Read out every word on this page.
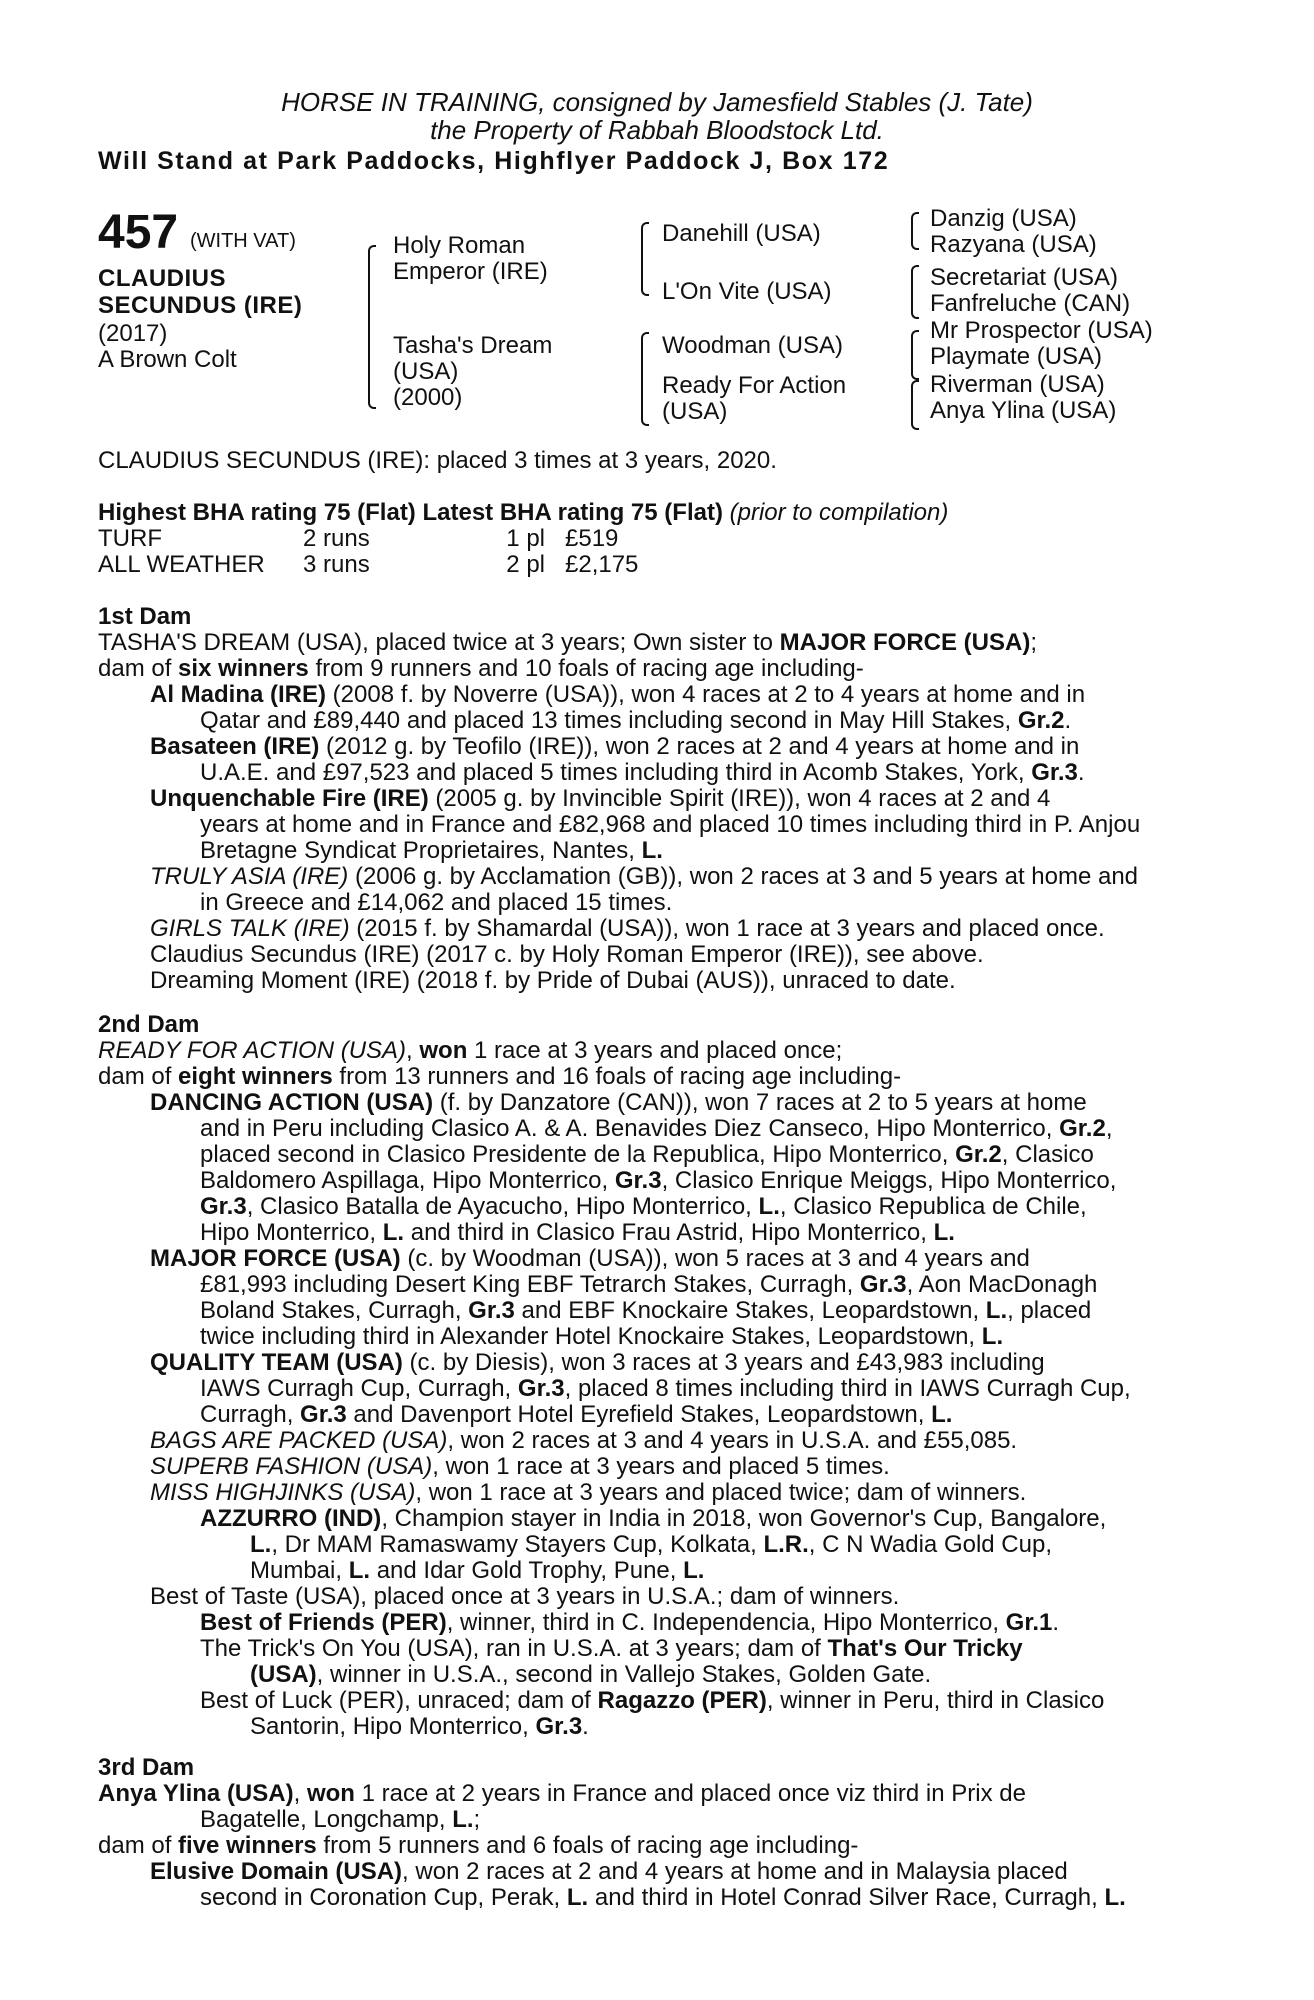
HORSE IN TRAINING, consigned by Jamesfield Stables (J. Tate)
the Property of Rabbah Bloodstock Ltd.
Will Stand at Park Paddocks, Highflyer Paddock J, Box 172
457 (WITH VAT)
CLAUDIUS
SECUNDUS (IRE)
(2017)
A Brown Colt
Holy Roman
Emperor (IRE)
Tasha's Dream
(USA)
(2000)
Danehill (USA)
L'On Vite (USA)
Woodman (USA)
Ready For Action
(USA)
Danzig (USA)
Razyana (USA)
Secretariat (USA)
Fanfreluche (CAN)
Mr Prospector (USA)
Playmate (USA)
Riverman (USA)
Anya Ylina (USA)
CLAUDIUS SECUNDUS (IRE): placed 3 times at 3 years, 2020.
Highest BHA rating 75 (Flat) Latest BHA rating 75 (Flat) (prior to compilation)
TURF	2 runs	1 pl	£519
ALL WEATHER	3 runs	2 pl	£2,175
1st Dam
TASHA'S DREAM (USA), placed twice at 3 years; Own sister to MAJOR FORCE (USA);
dam of six winners from 9 runners and 10 foals of racing age including-
Al Madina (IRE) (2008 f. by Noverre (USA)), won 4 races at 2 to 4 years at home and in
Qatar and £89,440 and placed 13 times including second in May Hill Stakes, Gr.2.
Basateen (IRE) (2012 g. by Teofilo (IRE)), won 2 races at 2 and 4 years at home and in
U.A.E. and £97,523 and placed 5 times including third in Acomb Stakes, York, Gr.3.
Unquenchable Fire (IRE) (2005 g. by Invincible Spirit (IRE)), won 4 races at 2 and 4
years at home and in France and £82,968 and placed 10 times including third in P. Anjou
Bretagne Syndicat Proprietaires, Nantes, L.
TRULY ASIA (IRE) (2006 g. by Acclamation (GB)), won 2 races at 3 and 5 years at home and
in Greece and £14,062 and placed 15 times.
GIRLS TALK (IRE) (2015 f. by Shamardal (USA)), won 1 race at 3 years and placed once.
Claudius Secundus (IRE) (2017 c. by Holy Roman Emperor (IRE)), see above.
Dreaming Moment (IRE) (2018 f. by Pride of Dubai (AUS)), unraced to date.
2nd Dam
READY FOR ACTION (USA), won 1 race at 3 years and placed once;
dam of eight winners from 13 runners and 16 foals of racing age including-
DANCING ACTION (USA) (f. by Danzatore (CAN)), won 7 races at 2 to 5 years at home
and in Peru including Clasico A. & A. Benavides Diez Canseco, Hipo Monterrico, Gr.2,
placed second in Clasico Presidente de la Republica, Hipo Monterrico, Gr.2, Clasico
Baldomero Aspillaga, Hipo Monterrico, Gr.3, Clasico Enrique Meiggs, Hipo Monterrico,
Gr.3, Clasico Batalla de Ayacucho, Hipo Monterrico, L., Clasico Republica de Chile,
Hipo Monterrico, L. and third in Clasico Frau Astrid, Hipo Monterrico, L.
MAJOR FORCE (USA) (c. by Woodman (USA)), won 5 races at 3 and 4 years and
£81,993 including Desert King EBF Tetrarch Stakes, Curragh, Gr.3, Aon MacDonagh
Boland Stakes, Curragh, Gr.3 and EBF Knockaire Stakes, Leopardstown, L., placed
twice including third in Alexander Hotel Knockaire Stakes, Leopardstown, L.
QUALITY TEAM (USA) (c. by Diesis), won 3 races at 3 years and £43,983 including
IAWS Curragh Cup, Curragh, Gr.3, placed 8 times including third in IAWS Curragh Cup,
Curragh, Gr.3 and Davenport Hotel Eyrefield Stakes, Leopardstown, L.
BAGS ARE PACKED (USA), won 2 races at 3 and 4 years in U.S.A. and £55,085.
SUPERB FASHION (USA), won 1 race at 3 years and placed 5 times.
MISS HIGHJINKS (USA), won 1 race at 3 years and placed twice; dam of winners.
AZZURRO (IND), Champion stayer in India in 2018, won Governor's Cup, Bangalore,
L., Dr MAM Ramaswamy Stayers Cup, Kolkata, L.R., C N Wadia Gold Cup,
Mumbai, L. and Idar Gold Trophy, Pune, L.
Best of Taste (USA), placed once at 3 years in U.S.A.; dam of winners.
Best of Friends (PER), winner, third in C. Independencia, Hipo Monterrico, Gr.1.
The Trick's On You (USA), ran in U.S.A. at 3 years; dam of That's Our Tricky
(USA), winner in U.S.A., second in Vallejo Stakes, Golden Gate.
Best of Luck (PER), unraced; dam of Ragazzo (PER), winner in Peru, third in Clasico
Santorin, Hipo Monterrico, Gr.3.
3rd Dam
Anya Ylina (USA), won 1 race at 2 years in France and placed once viz third in Prix de
Bagatelle, Longchamp, L.;
dam of five winners from 5 runners and 6 foals of racing age including-
Elusive Domain (USA), won 2 races at 2 and 4 years at home and in Malaysia placed
second in Coronation Cup, Perak, L. and third in Hotel Conrad Silver Race, Curragh, L.
